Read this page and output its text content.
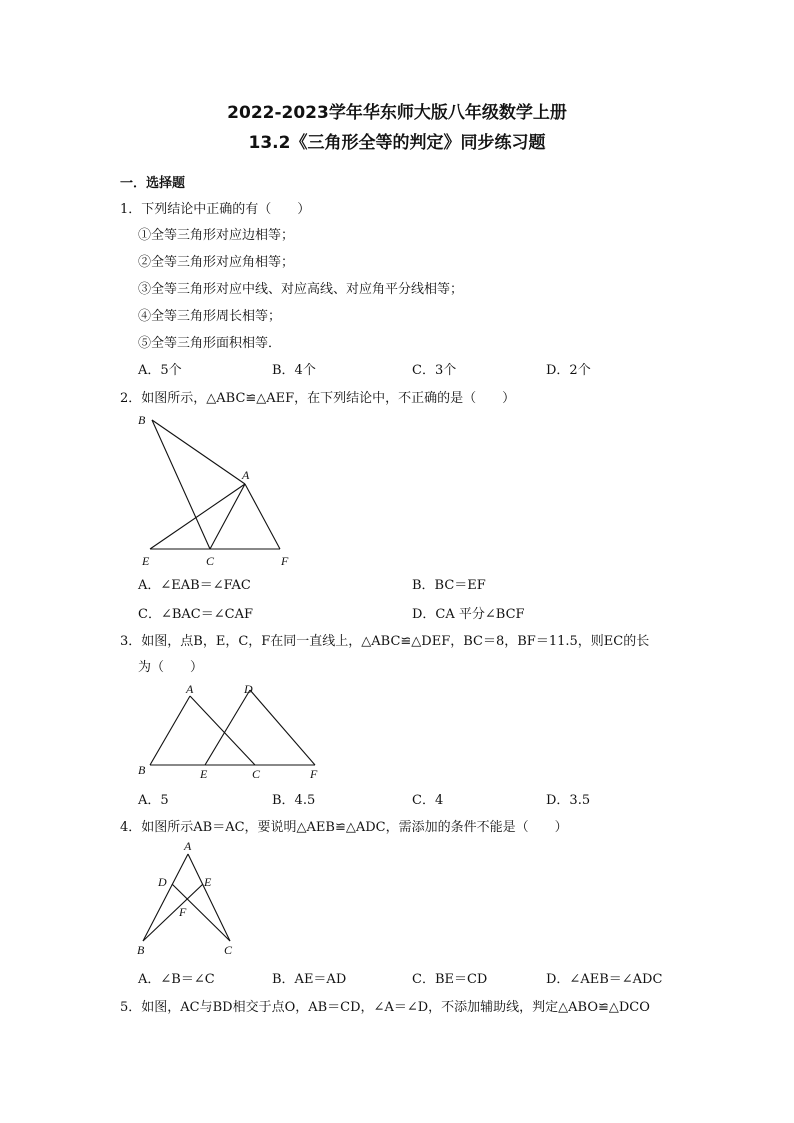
2022-2023学年华东师大版八年级数学上册
13.2《三角形全等的判定》同步练习题
一．选择题
1．下列结论中正确的有（　　）
①全等三角形对应边相等；
②全等三角形对应角相等；
③全等三角形对应中线、对应高线、对应角平分线相等；
④全等三角形周长相等；
⑤全等三角形面积相等．
A．5个	B．4个	C．3个	D．2个
2．如图所示，△ABC≌△AEF，在下列结论中，不正确的是（　　）
B
A
E	C	F
A．∠EAB＝∠FAC	B．BC＝EF
C．∠BAC＝∠CAF	D．CA 平分∠BCF
3．如图，点B，E，C，F在同一直线上，△ABC≌△DEF，BC＝8，BF＝11.5，则EC的长
为（　　）
A	D
B	E	C	F
A．5	B．4.5	C．4	D．3.5
4．如图所示AB＝AC，要说明△AEB≌△ADC，需添加的条件不能是（　　）
A
D	E
F
B	C
A．∠B＝∠C	B．AE＝AD	C．BE＝CD	D．∠AEB＝∠ADC
5．如图，AC与BD相交于点O，AB＝CD，∠A＝∠D，不添加辅助线，判定△ABO≌△DCO
